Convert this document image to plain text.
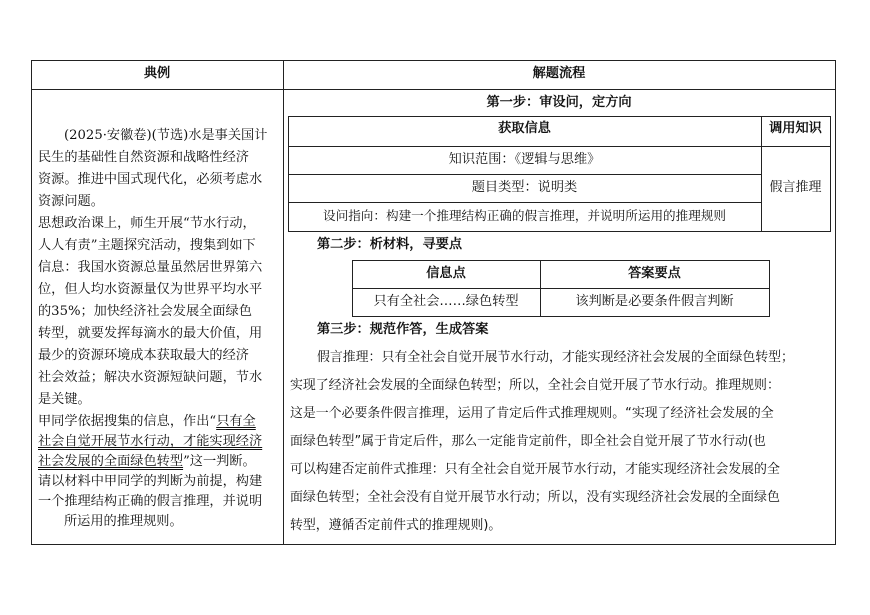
典例	解题流程
(2025·安徽卷)(节选)水是事关国计
民生的基础性自然资源和战略性经济
资源。推进中国式现代化，必须考虑水
资源问题。
思想政治课上，师生开展“节水行动，
人人有责”主题探究活动，搜集到如下
信息：我国水资源总量虽然居世界第六
位，但人均水资源量仅为世界平均水平
的35%；加快经济社会发展全面绿色
转型，就要发挥每滴水的最大价值，用
最少的资源环境成本获取最大的经济
社会效益；解决水资源短缺问题，节水
是关键。
甲同学依据搜集的信息，作出“只有全
社会自觉开展节水行动，才能实现经济
社会发展的全面绿色转型”这一判断。
请以材料中甲同学的判断为前提，构建
一个推理结构正确的假言推理，并说明
所运用的推理规则。
第一步：审设问，定方向
获取信息	调用知识
知识范围：《逻辑与思维》
题目类型：说明类
设问指向：构建一个推理结构正确的假言推理，并说明所运用的推理规则
假言推理
第二步：析材料，寻要点
信息点	答案要点
只有全社会……绿色转型	该判断是必要条件假言判断
第三步：规范作答，生成答案
假言推理：只有全社会自觉开展节水行动，才能实现经济社会发展的全面绿色转型；
实现了经济社会发展的全面绿色转型；所以，全社会自觉开展了节水行动。推理规则：
这是一个必要条件假言推理，运用了肯定后件式推理规则。“实现了经济社会发展的全
面绿色转型”属于肯定后件，那么一定能肯定前件，即全社会自觉开展了节水行动(也
可以构建否定前件式推理：只有全社会自觉开展节水行动，才能实现经济社会发展的全
面绿色转型；全社会没有自觉开展节水行动；所以，没有实现经济社会发展的全面绿色
转型，遵循否定前件式的推理规则)。
